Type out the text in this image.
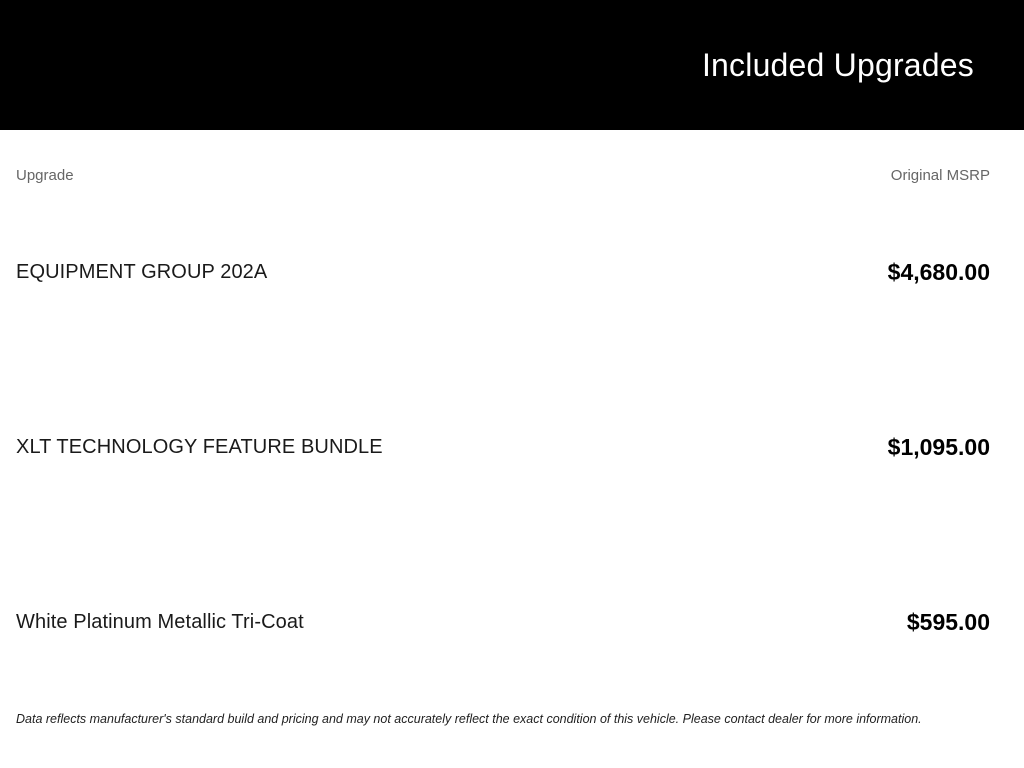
Included Upgrades
Upgrade	Original MSRP
EQUIPMENT GROUP 202A	$4,680.00
XLT TECHNOLOGY FEATURE BUNDLE	$1,095.00
White Platinum Metallic Tri-Coat	$595.00

Data reflects manufacturer's standard build and pricing and may not accurately reflect the exact condition of this vehicle. Please contact dealer for more information.
